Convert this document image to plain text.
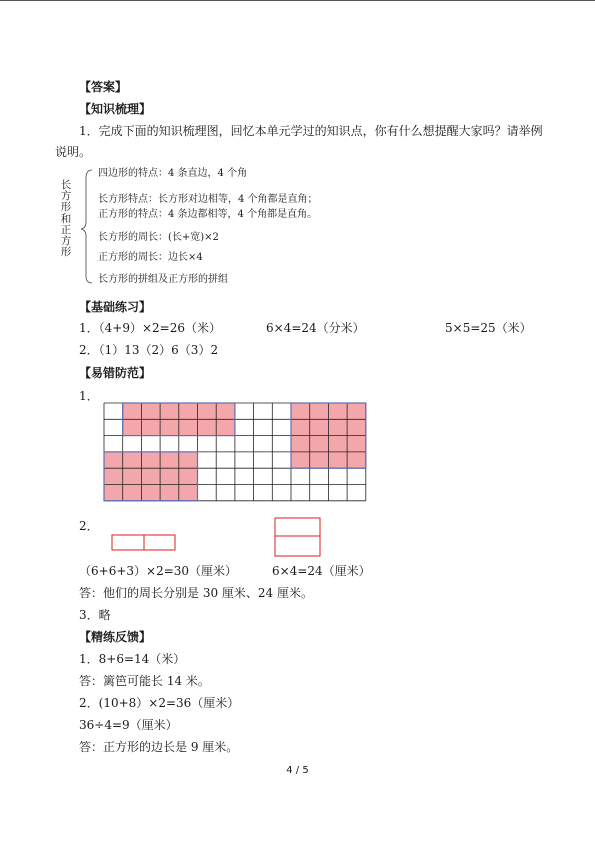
【答案】
【知识梳理】
1．完成下面的知识梳理图，回忆本单元学过的知识点，你有什么想提醒大家吗？请举例
说明。
长方形和正方形
四边形的特点：4 条直边，4 个角
长方形特点：长方形对边相等，4 个角都是直角；
正方形的特点：4 条边都相等，4 个角都是直角。
长方形的周长：(长+宽)×2
正方形的周长：边长×4
长方形的拼组及正方形的拼组
【基础练习】
1．（4+9）×2=26（米）	6×4=24（分米）	5×5=25（米）
2．（1）13（2）6（3）2
【易错防范】
1．
2．
（6+6+3）×2=30（厘米）	6×4=24（厘米）
答：他们的周长分别是 30 厘米、24 厘米。
3．略
【精练反馈】
1．8+6=14（米）
答：篱笆可能长 14 米。
2．(10+8）×2=36（厘米）
36÷4=9（厘米）
答：正方形的边长是 9 厘米。
4 / 5
